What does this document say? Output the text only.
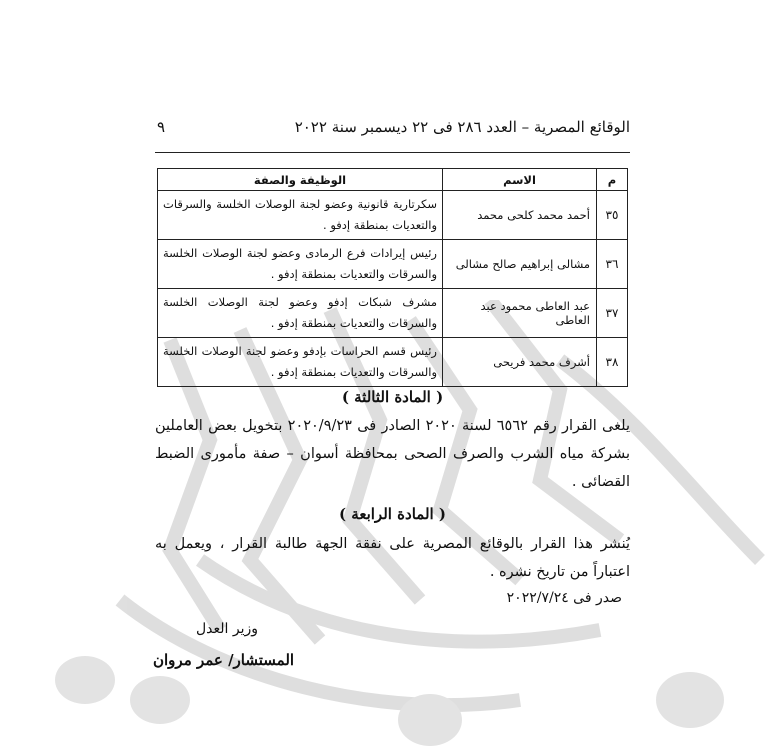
الوقائع المصرية – العدد ٢٨٦ فى ٢٢ ديسمبر سنة ٢٠٢٢
٩
م	الاسم	الوظيفة والصفة
٣٥	أحمد محمد كلحى محمد	سكرتارية قانونية وعضو لجنة الوصلات الخلسة والسرقات والتعديات بمنطقة إدفو .
٣٦	مشالى إبراهيم صالح مشالى	رئيس إيرادات فرع الرمادى وعضو لجنة الوصلات الخلسة والسرقات والتعديات بمنطقة إدفو .
٣٧	عبد العاطى محمود عبد العاطى	مشرف شبكات إدفو وعضو لجنة الوصلات الخلسة والسرقات والتعديات بمنطقة إدفو .
٣٨	أشرف محمد فريحى	رئيس قسم الحراسات بإدفو وعضو لجنة الوصلات الخلسة والسرقات والتعديات بمنطقة إدفو .
( المادة الثالثة )
يلغى القرار رقم ٦٥٦٢ لسنة ٢٠٢٠ الصادر فى ٢٠٢٠/٩/٢٣ بتخويل بعض العاملين بشركة مياه الشرب والصرف الصحى بمحافظة أسوان – صفة مأمورى الضبط القضائى .
( المادة الرابعة )
يُنشر هذا القرار بالوقائع المصرية على نفقة الجهة طالبة القرار ، ويعمل به اعتباراً من تاريخ نشره .
صدر فى ٢٠٢٢/٧/٢٤
وزير العدل
المستشار/ عمر مروان
